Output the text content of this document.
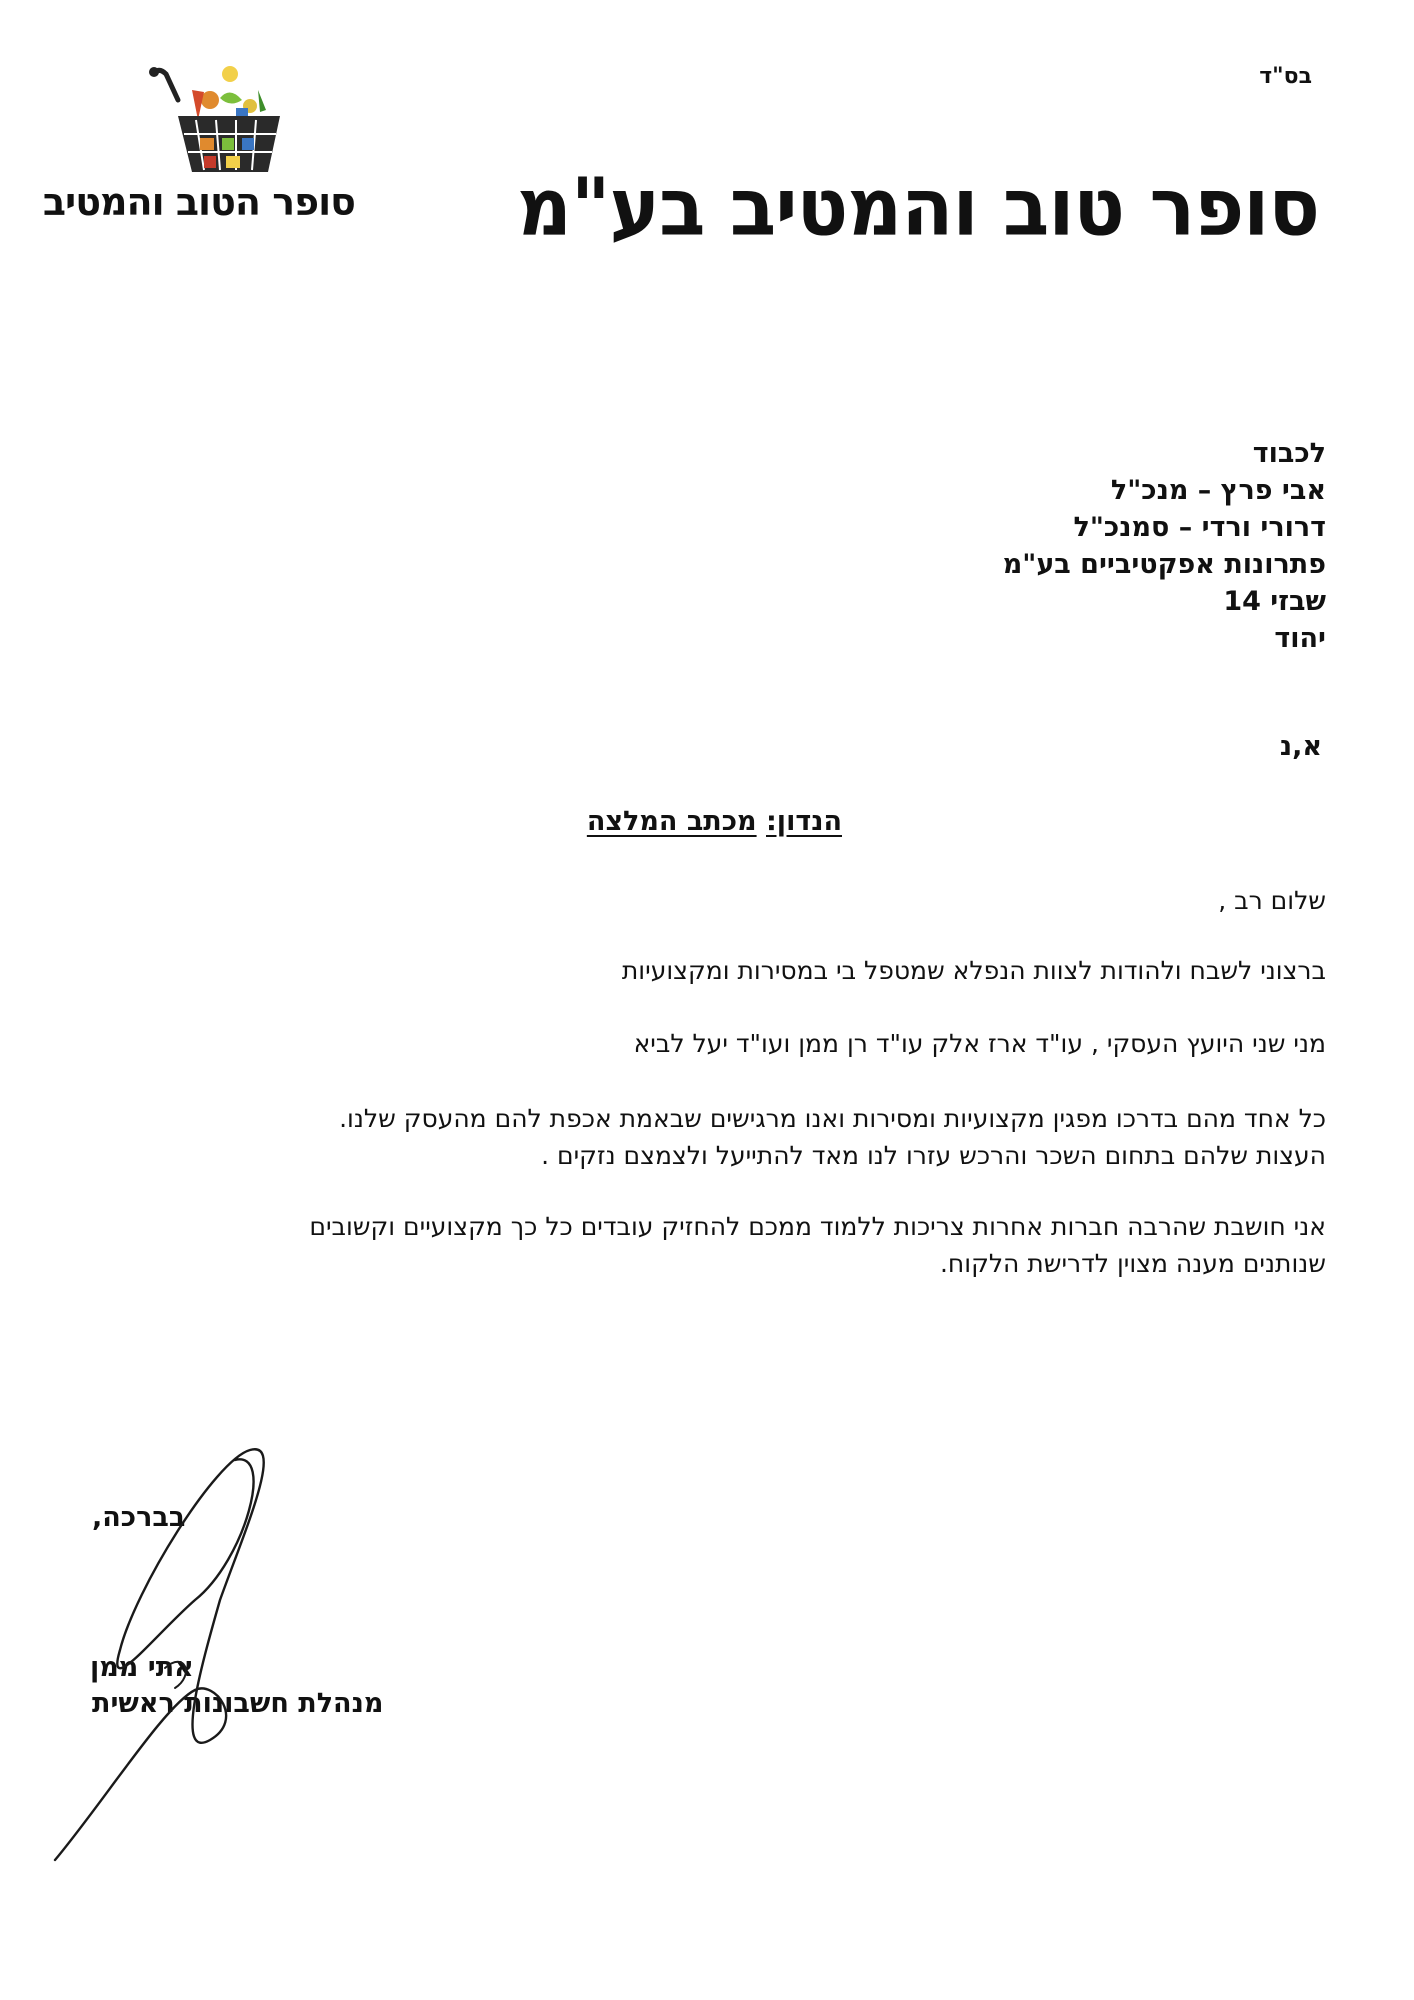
בס"ד
סופר טוב והמטיב בע"מ
סופר הטוב והמטיב
לכבוד
אבי פרץ – מנכ"ל
דרורי ורדי – סמנכ"ל
פתרונות אפקטיביים בע"מ
שבזי 14
יהוד
א,נ
הנדון: מכתב המלצה
שלום רב ,
ברצוני לשבח ולהודות לצוות הנפלא שמטפל בי במסירות ומקצועיות
מני שני היועץ העסקי , עו"ד ארז אלק עו"ד רן ממן ועו"ד יעל לביא
כל אחד מהם בדרכו מפגין מקצועיות ומסירות ואנו מרגישים שבאמת אכפת להם מהעסק שלנו.
העצות שלהם בתחום השכר והרכש עזרו לנו מאד להתייעל ולצמצם נזקים .
אני חושבת שהרבה חברות אחרות צריכות ללמוד ממכם להחזיק עובדים כל כך מקצועיים וקשובים
שנותנים מענה מצוין לדרישת הלקוח.
בברכה,
אתי ממן
מנהלת חשבונות ראשית
